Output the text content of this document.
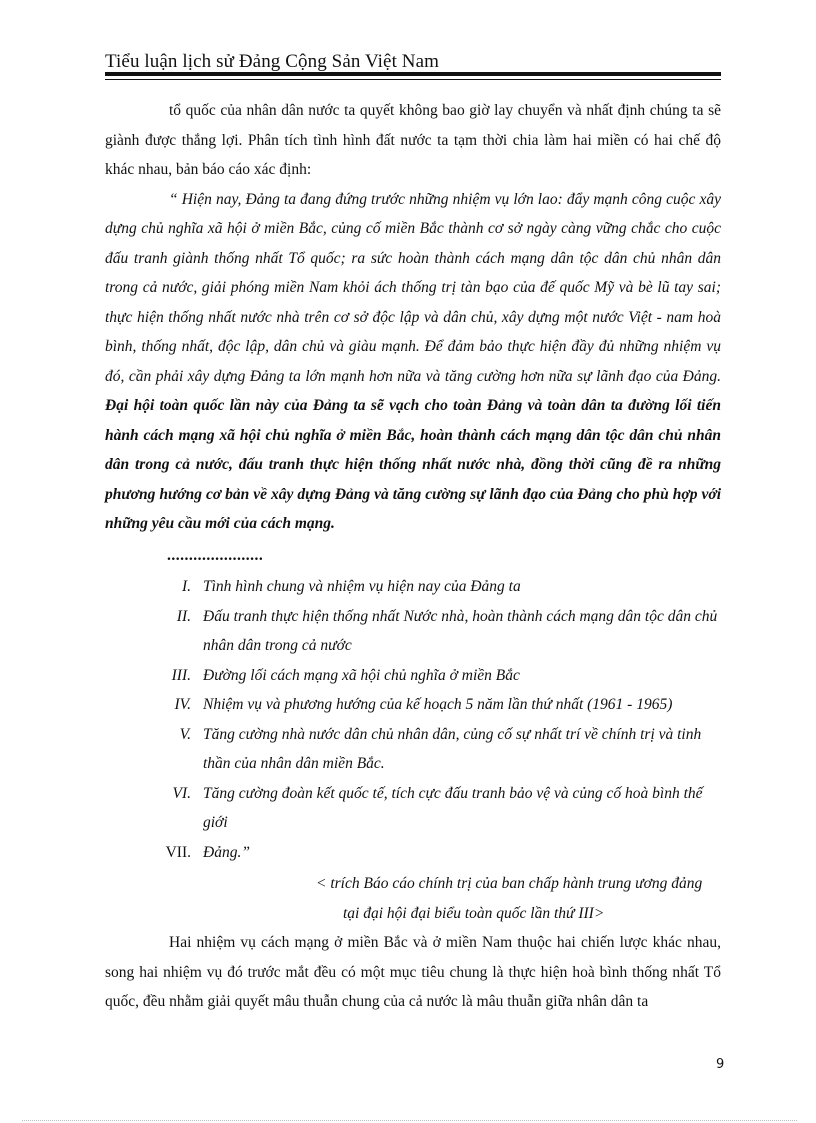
Tiểu luận lịch sử Đảng Cộng Sản Việt Nam

tổ quốc của nhân dân nước ta quyết không bao giờ lay chuyển và nhất định chúng ta sẽ giành được thắng lợi. Phân tích tình hình đất nước ta tạm thời chia làm hai miền có hai chế độ khác nhau, bản báo cáo xác định:

“ Hiện nay, Đảng ta đang đứng trước những nhiệm vụ lớn lao: đẩy mạnh công cuộc xây dựng chủ nghĩa xã hội ở miền Bắc, củng cố miền Bắc thành cơ sở ngày càng vững chắc cho cuộc đấu tranh giành thống nhất Tổ quốc; ra sức hoàn thành cách mạng dân tộc dân chủ nhân dân trong cả nước, giải phóng miền Nam khỏi ách thống trị tàn bạo của đế quốc Mỹ và bè lũ tay sai; thực hiện thống nhất nước nhà trên cơ sở độc lập và dân chủ, xây dựng một nước Việt - nam hoà bình, thống nhất, độc lập, dân chủ và giàu mạnh. Để đảm bảo thực hiện đầy đủ những nhiệm vụ đó, cần phải xây dựng Đảng ta lớn mạnh hơn nữa và tăng cường hơn nữa sự lãnh đạo của Đảng. Đại hội toàn quốc lần này của Đảng ta sẽ vạch cho toàn Đảng và toàn dân ta đường lối tiến hành cách mạng xã hội chủ nghĩa ở miền Bắc, hoàn thành cách mạng dân tộc dân chủ nhân dân trong cả nước, đấu tranh thực hiện thống nhất nước nhà, đồng thời cũng đề ra những phương hướng cơ bản về xây dựng Đảng và tăng cường sự lãnh đạo của Đảng cho phù hợp với những yêu cầu mới của cách mạng.

......................
I. Tình hình chung và nhiệm vụ hiện nay của Đảng ta
II. Đấu tranh thực hiện thống nhất Nước nhà, hoàn thành cách mạng dân tộc dân chủ nhân dân trong cả nước
III. Đường lối cách mạng xã hội chủ nghĩa ở miền Bắc
IV. Nhiệm vụ và phương hướng của kế hoạch 5 năm lần thứ nhất (1961 - 1965)
V. Tăng cường nhà nước dân chủ nhân dân, củng cố sự nhất trí về chính trị và tinh thần của nhân dân miền Bắc.
VI. Tăng cường đoàn kết quốc tế, tích cực đấu tranh bảo vệ và củng cố hoà bình thế giới
VII. Đảng.”
< trích Báo cáo chính trị của ban chấp hành trung ương đảng
tại đại hội đại biểu toàn quốc lần thứ III>

Hai nhiệm vụ cách mạng ở miền Bắc và ở miền Nam thuộc hai chiến lược khác nhau, song hai nhiệm vụ đó trước mắt đều có một mục tiêu chung là thực hiện hoà bình thống nhất Tổ quốc, đều nhằm giải quyết mâu thuẫn chung của cả nước là mâu thuẫn giữa nhân dân ta

9
